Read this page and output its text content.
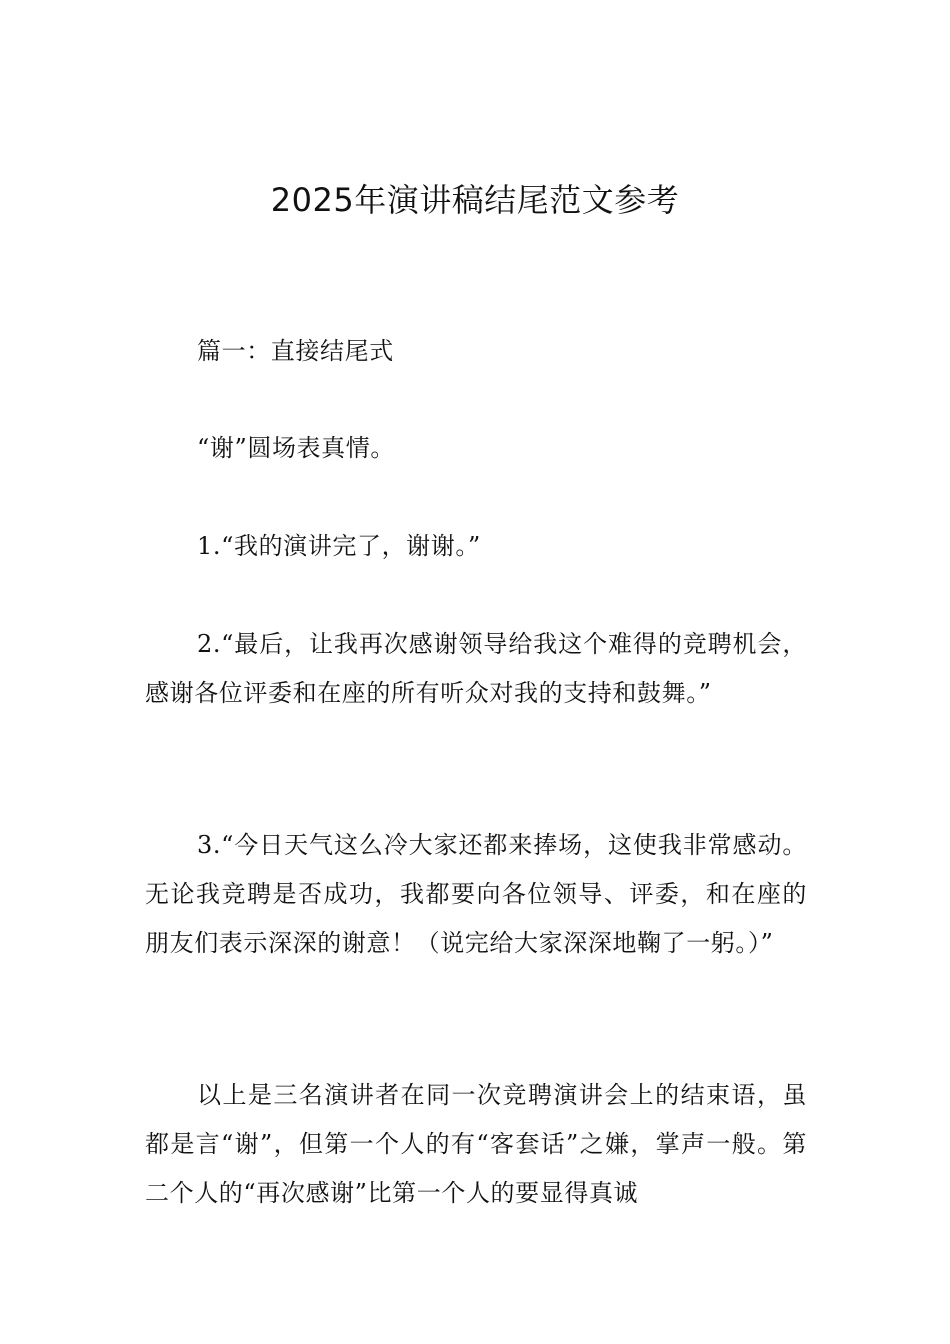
2025年演讲稿结尾范文参考

篇一：直接结尾式

“谢”圆场表真情。

1.“我的演讲完了，谢谢。”

2.“最后，让我再次感谢领导给我这个难得的竞聘机会，感谢各位评委和在座的所有听众对我的支持和鼓舞。”

3.“今日天气这么冷大家还都来捧场，这使我非常感动。无论我竞聘是否成功，我都要向各位领导、评委，和在座的朋友们表示深深的谢意！（说完给大家深深地鞠了一躬。）”

以上是三名演讲者在同一次竞聘演讲会上的结束语，虽都是言“谢”，但第一个人的有“客套话”之嫌，掌声一般。第二个人的“再次感谢”比第一个人的要显得真诚
